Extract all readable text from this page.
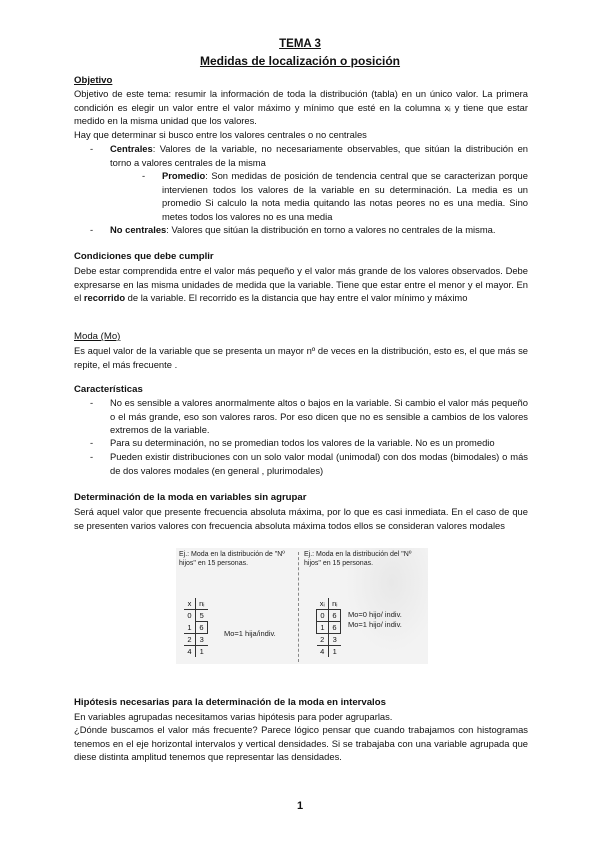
TEMA 3
Medidas de localización o posición
Objetivo
Objetivo de este tema: resumir la información de toda la distribución (tabla) en un único valor. La primera condición es elegir un valor entre el valor máximo y mínimo que esté en la columna xᵢ y tiene que estar medido en la misma unidad que los valores.
Hay que determinar si busco entre los valores centrales o no centrales
- Centrales: Valores de la variable, no necesariamente observables, que sitúan la distribución en torno a valores centrales de la misma
- Promedio: Son medidas de posición de tendencia central que se caracterizan porque intervienen todos los valores de la variable en su determinación. La media es un promedio Si calculo la nota media quitando las notas peores no es una media. Sino metes todos los valores no es una media
- No centrales: Valores que sitúan la distribución en torno a valores no centrales de la misma.
Condiciones que debe cumplir
Debe estar comprendida entre el valor más pequeño y el valor más grande de los valores observados. Debe expresarse en las misma unidades de medida que la variable. Tiene que estar entre el menor y el mayor. En el recorrido de la variable. El recorrido es la distancia que hay entre el valor mínimo y máximo
Moda (Mo)
Es aquel valor de la variable que se presenta un mayor nº de veces en la distribución, esto es, el que más se repite, el más frecuente .
Características
- No es sensible a valores anormalmente altos o bajos en la variable. Si cambio el valor más pequeño o el más grande, eso son valores raros. Por eso dicen que no es sensible a cambios de los valores extremos de la variable.
- Para su determinación, no se promedian todos los valores de la variable. No es un promedio
- Pueden existir distribuciones con un solo valor modal (unimodal) con dos modas (bimodales) o más de dos valores modales (en general , plurimodales)
Determinación de la moda en variables sin agrupar
Será aquel valor que presente frecuencia absoluta máxima, por lo que es casi inmediata. En el caso de que se presenten varios valores con frecuencia absoluta máxima todos ellos se consideran valores modales
Ej.: Moda en la distribución de "Nº hijos" en 15 personas.
Ej.: Moda en la distribución del "Nº hijos" en 15 personas.
x	nᵢ
0	5
1	6
2	3
4	1
Mo=1 hija/indiv.
xᵢ	nᵢ
0	6
1	6
2	3
4	1
Mo=0 hijo/ indiv.
Mo=1 hijo/ indiv.
Hipótesis necesarias para la determinación de la moda en intervalos
En variables agrupadas necesitamos varias hipótesis para poder agruparlas.
¿Dónde buscamos el valor más frecuente? Parece lógico pensar que cuando trabajamos con histogramas tenemos en el eje horizontal intervalos y vertical densidades. Si se trabajaba con una variable agrupada que diese distinta amplitud tenemos que representar las densidades.
1
